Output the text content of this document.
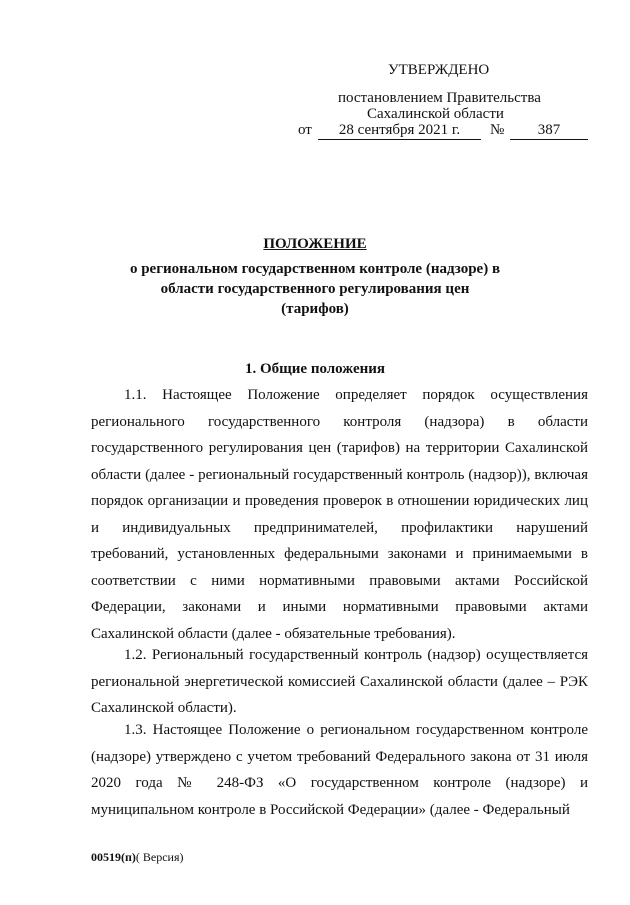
УТВЕРЖДЕНО
постановлением Правительства
Сахалинской области
от	28 сентября 2021 г.	№	387
ПОЛОЖЕНИЕ
о региональном государственном контроле (надзоре) в
области государственного регулирования цен
(тарифов)
1. Общие положения

1.1. Настоящее Положение определяет порядок осуществления регионального государственного контроля (надзора) в области государственного регулирования цен (тарифов) на территории Сахалинской области (далее - региональный государственный контроль (надзор)), включая порядок организации и проведения проверок в отношении юридических лиц и индивидуальных предпринимателей, профилактики нарушений требований, установленных федеральными законами и принимаемыми в соответствии с ними нормативными правовыми актами Российской Федерации, законами и иными нормативными правовыми актами Сахалинской области (далее - обязательные требования).

1.2. Региональный государственный контроль (надзор) осуществляется региональной энергетической комиссией Сахалинской области (далее – РЭК Сахалинской области).

1.3. Настоящее Положение о региональном государственном контроле (надзоре) утверждено с учетом требований Федерального закона от 31 июля 2020 года № 248-ФЗ «О государственном контроле (надзоре) и муниципальном контроле в Российской Федерации» (далее - Федеральный

00519(п)( Версия)
